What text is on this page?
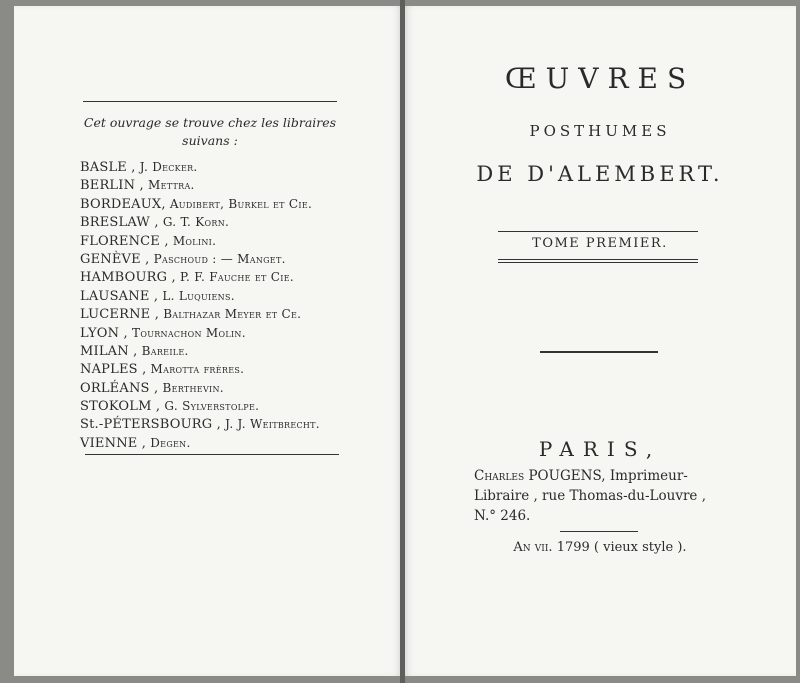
Cet ouvrage se trouve chez les libraires suivans :
BASLE , J. Decker.
BERLIN , Mettra.
BORDEAUX, Audibert, Burkel et Cie.
BRESLAW , G. T. Korn.
FLORENCE , Molini.
GENÈVE , Paschoud : — Manget.
HAMBOURG , P. F. Fauche et Cie.
LAUSANE , L. Luquiens.
LUCERNE , Balthazar Meyer et Ce.
LYON , Tournachon Molin.
MILAN , Bareile.
NAPLES , Marotta frères.
ORLÉANS , Berthevin.
STOKOLM , G. Sylverstolpe.
St.-PÉTERSBOURG , J. J. Weitbrecht.
VIENNE , Degen.
ŒUVRES
POSTHUMES
DE D'ALEMBERT.
TOME PREMIER.
PARIS,
Charles POUGENS, Imprimeur-
Libraire , rue Thomas-du-Louvre ,
N.° 246.
An vii. 1799 ( vieux style ).
